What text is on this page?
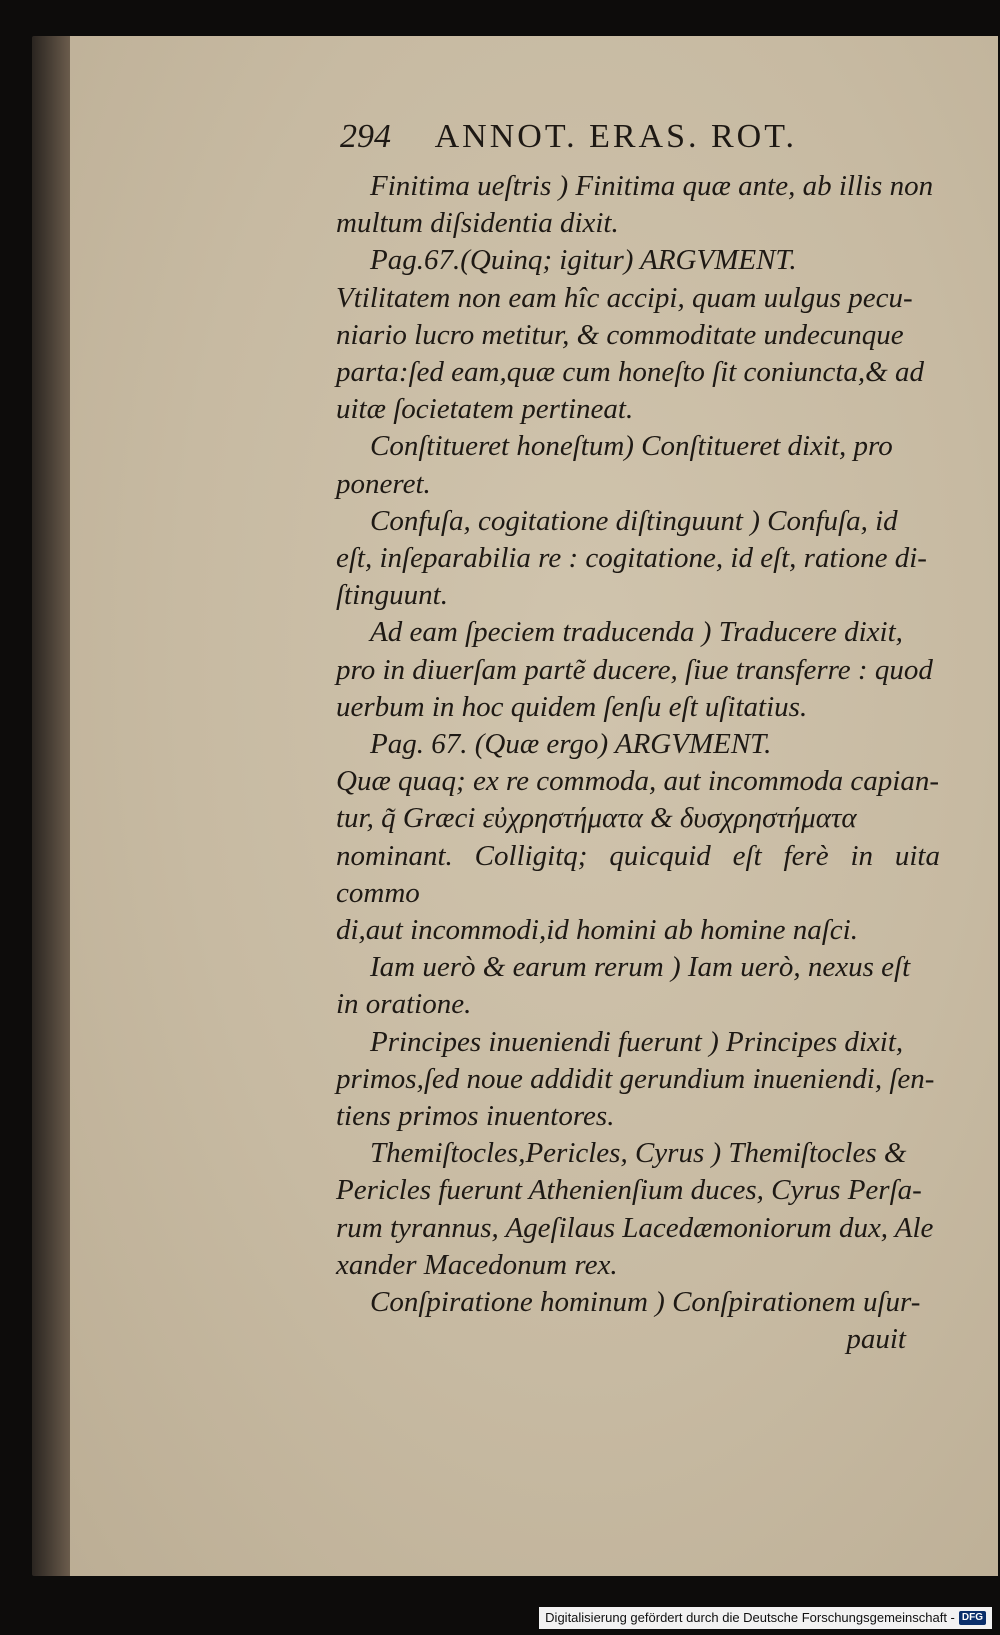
294 ANNOT. ERAS. ROT.

Finitima ueſtris ) Finitima quæ ante, ab illis non

multum diſsidentia dixit.

Pag.67.(Quinq; igitur) ARGVMENT.

Vtilitatem non eam hîc accipi, quam uulgus pecu-

niario lucro metitur, & commoditate undecunque

parta:ſed eam,quæ cum honeſto ſit coniuncta,& ad

uitæ ſocietatem pertineat.

Conſtitueret honeſtum) Conſtitueret dixit, pro

poneret.

Confuſa, cogitatione diſtinguunt ) Confuſa, id

eſt, inſeparabilia re : cogitatione, id eſt, ratione di-

ſtinguunt.

Ad eam ſpeciem traducenda ) Traducere dixit,

pro in diuerſam partẽ ducere, ſiue transferre : quod

uerbum in hoc quidem ſenſu eſt uſitatius.

Pag. 67. (Quæ ergo) ARGVMENT.

Quæ quaq; ex re commoda, aut incommoda capian-

tur, q̃ Græci εὐχρηστήματα & δυσχρηστήματα

nominant. Colligitq; quicquid eſt ferè in uita commo

di,aut incommodi,id homini ab homine naſci.

Iam uerò & earum rerum ) Iam uerò, nexus eſt

in oratione.

Principes inueniendi fuerunt ) Principes dixit,

primos,ſed noue addidit gerundium inueniendi, ſen-

tiens primos inuentores.

Themiſtocles,Pericles, Cyrus ) Themiſtocles &

Pericles fuerunt Athenienſium duces, Cyrus Perſa-

rum tyrannus, Ageſilaus Lacedæmoniorum dux, Ale

xander Macedonum rex.

Conſpiratione hominum ) Conſpirationem uſur-

pauit

Digitalisierung gefördert durch die Deutsche Forschungsgemeinschaft - DFG
